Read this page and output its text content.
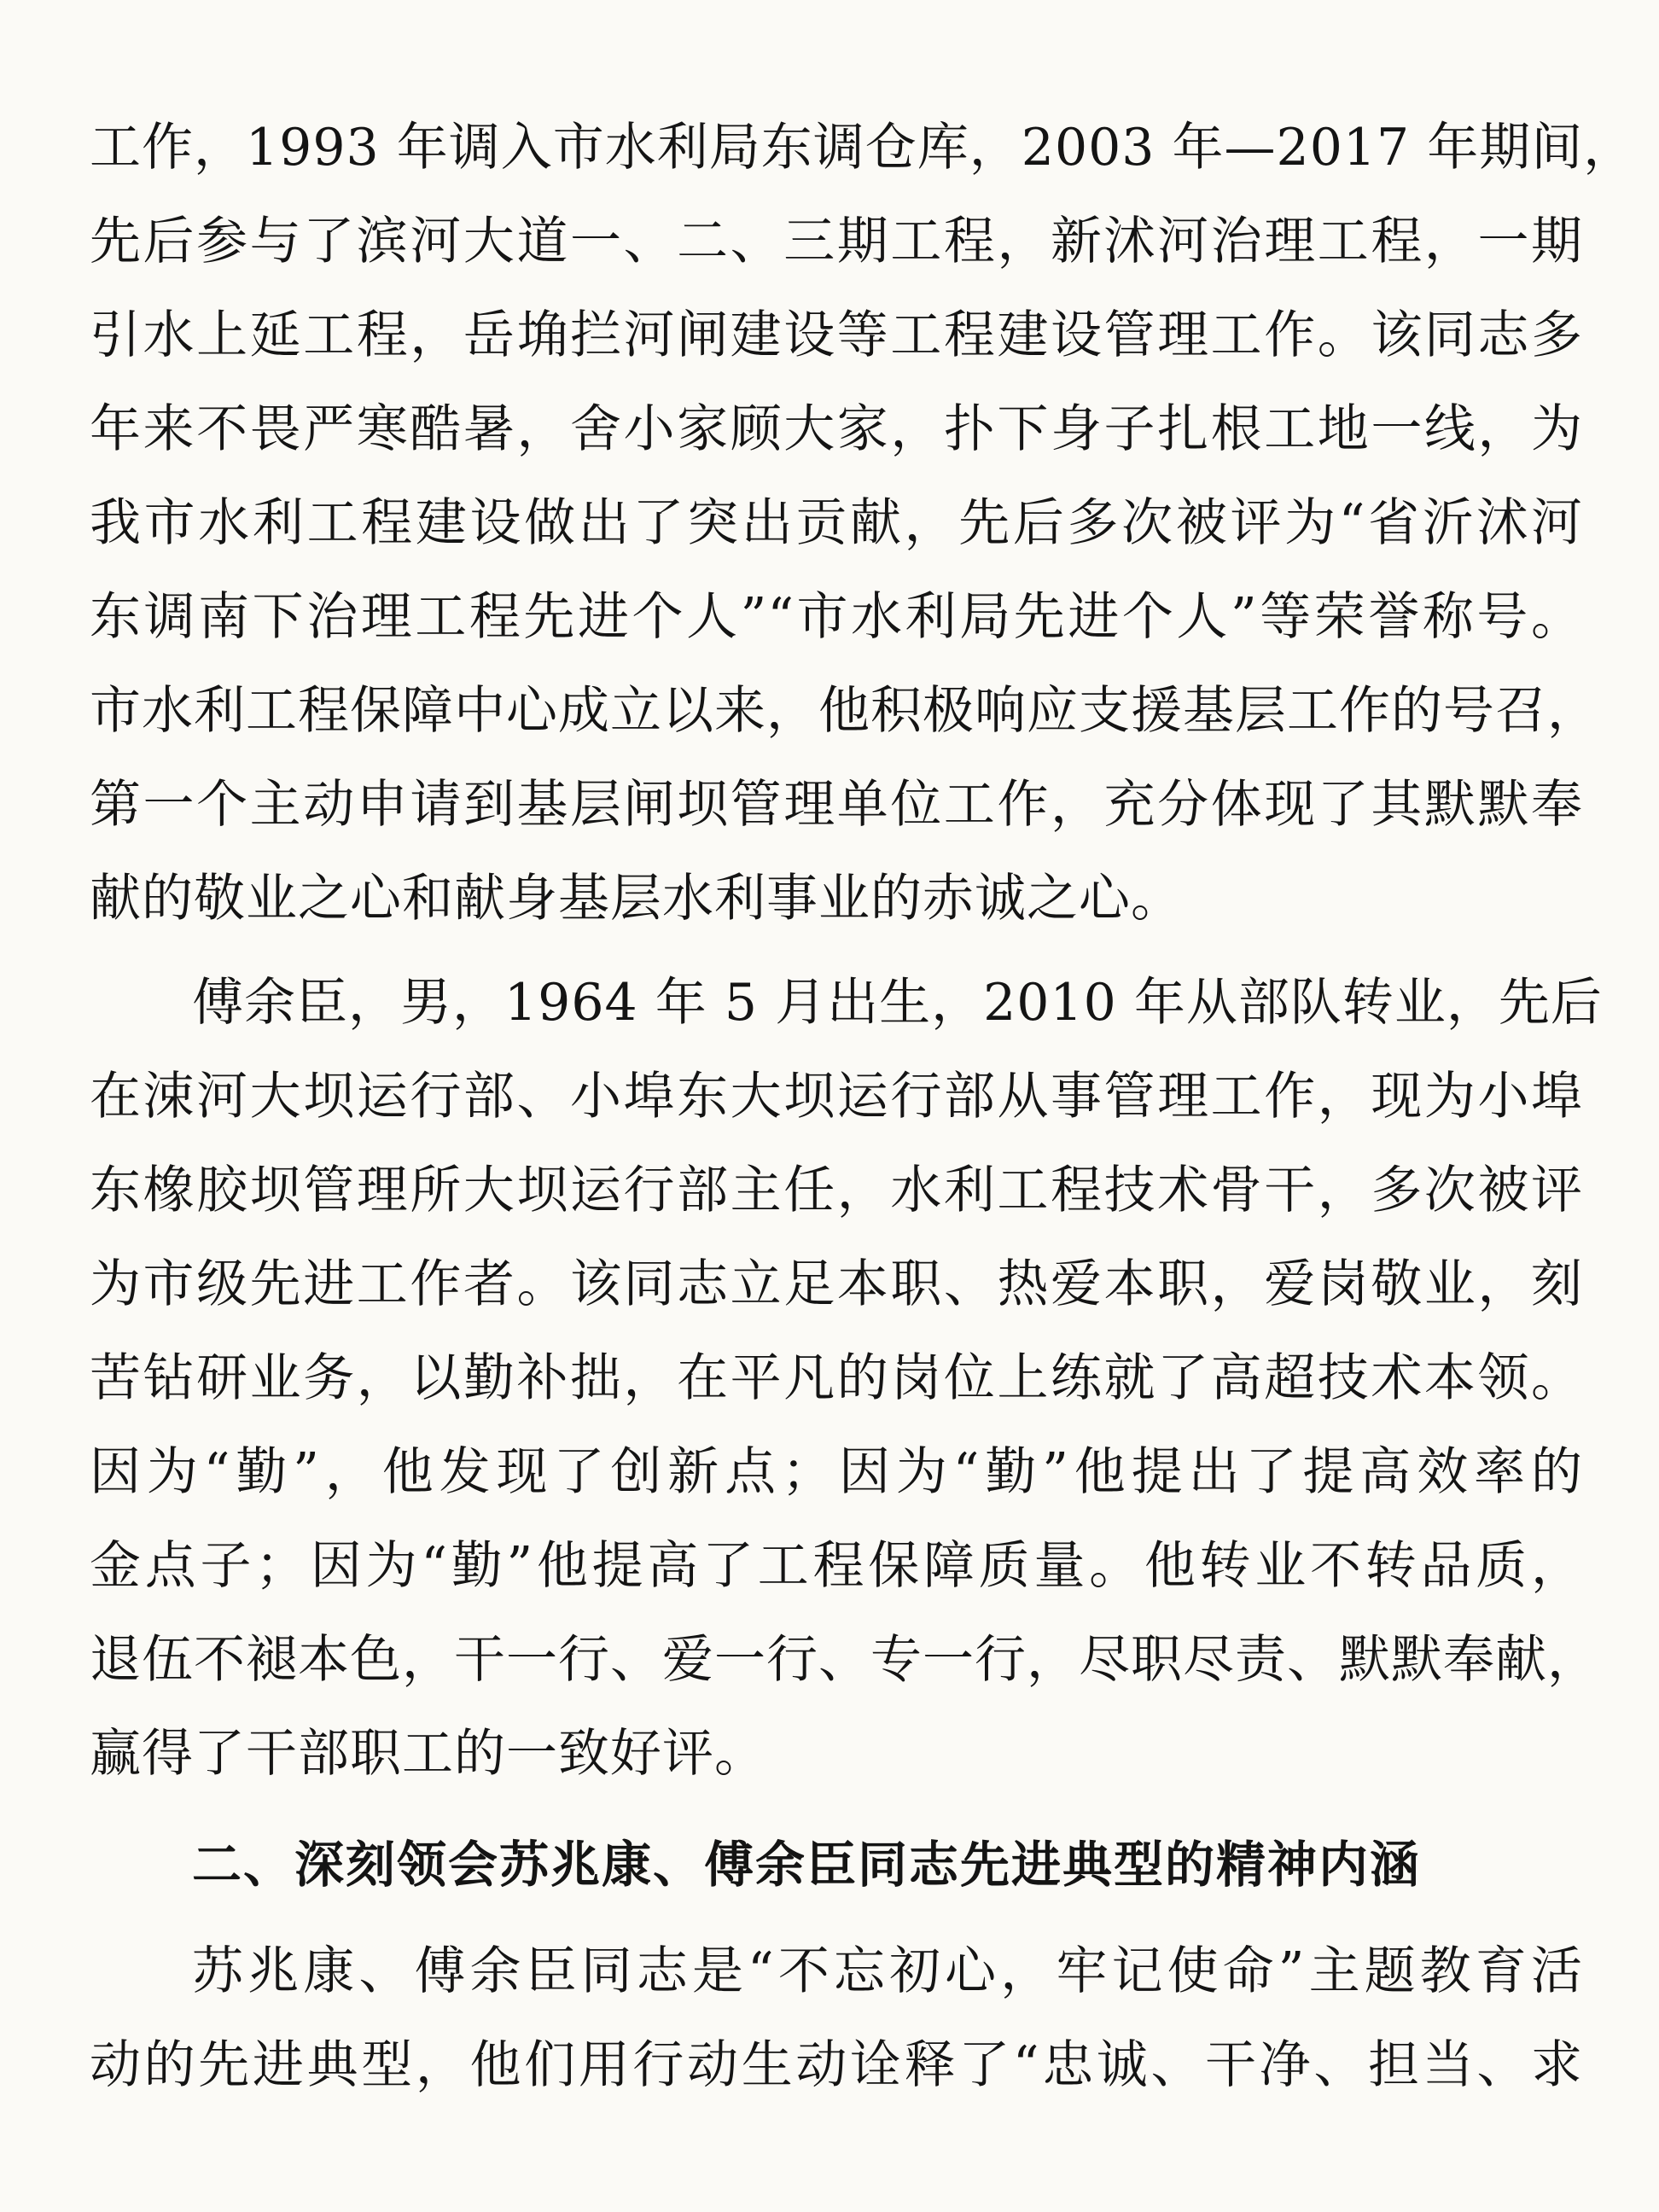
工作，1993 年调入市水利局东调仓库，2003 年—2017 年期间，
先后参与了滨河大道一、二、三期工程，新沭河治理工程，一期
引水上延工程，岳埆拦河闸建设等工程建设管理工作。该同志多
年来不畏严寒酷暑，舍小家顾大家，扑下身子扎根工地一线，为
我市水利工程建设做出了突出贡献，先后多次被评为“省沂沭河
东调南下治理工程先进个人”“市水利局先进个人”等荣誉称号。
市水利工程保障中心成立以来，他积极响应支援基层工作的号召，
第一个主动申请到基层闸坝管理单位工作，充分体现了其默默奉
献的敬业之心和献身基层水利事业的赤诚之心。
傅余臣，男，1964 年 5 月出生，2010 年从部队转业，先后
在涑河大坝运行部、小埠东大坝运行部从事管理工作，现为小埠
东橡胶坝管理所大坝运行部主任，水利工程技术骨干，多次被评
为市级先进工作者。该同志立足本职、热爱本职，爱岗敬业，刻
苦钻研业务，以勤补拙，在平凡的岗位上练就了高超技术本领。
因为“勤”，他发现了创新点；因为“勤”他提出了提高效率的
金点子；因为“勤”他提高了工程保障质量。他转业不转品质，
退伍不褪本色，干一行、爱一行、专一行，尽职尽责、默默奉献，
赢得了干部职工的一致好评。
二、深刻领会苏兆康、傅余臣同志先进典型的精神内涵
苏兆康、傅余臣同志是“不忘初心，牢记使命”主题教育活
动的先进典型，他们用行动生动诠释了“忠诚、干净、担当、求
